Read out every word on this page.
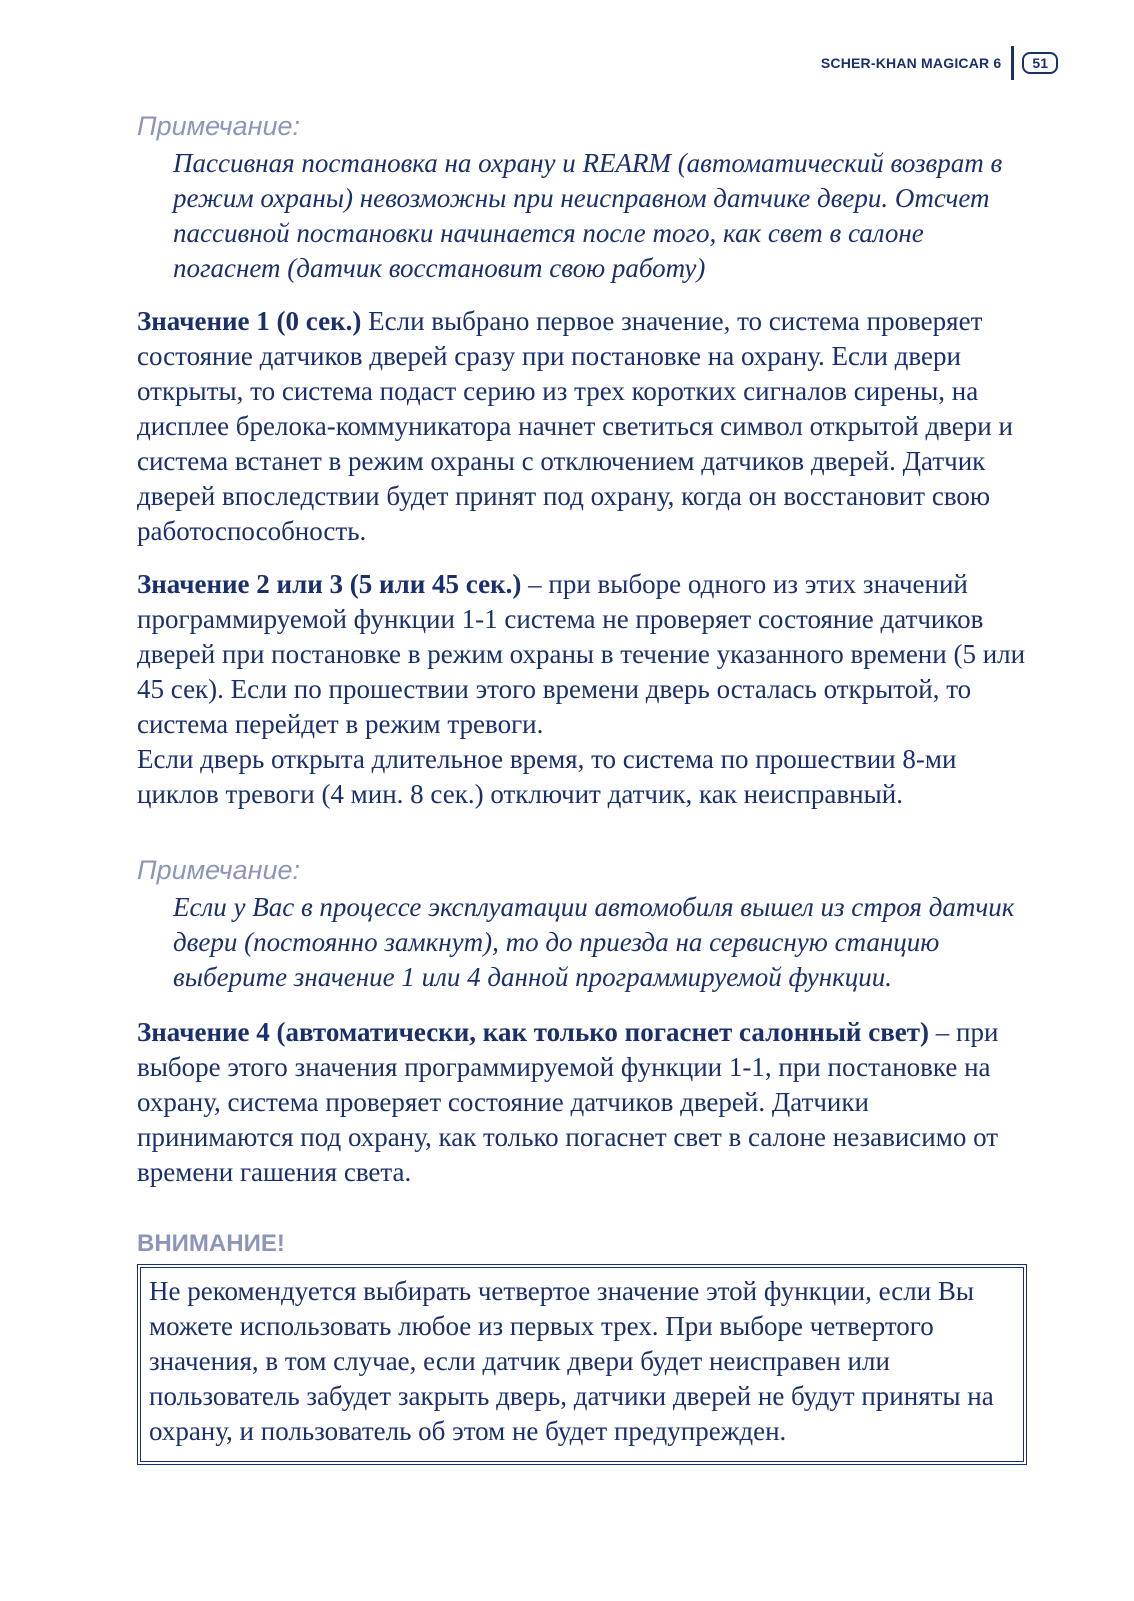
SCHER-KHAN MAGICAR 6	51
Примечание:
Пассивная постановка на охрану и REARM (автоматический возврат в режим охраны) невозможны при неисправном датчике двери. Отсчет пассивной постановки начинается после того, как свет в салоне погаснет (датчик восстановит свою работу)
Значение 1 (0 сек.) Если выбрано первое значение, то система проверяет состояние датчиков дверей сразу при постановке на охрану. Если двери открыты, то система подаст серию из трех коротких сигналов сирены, на дисплее брелока-коммуникатора начнет светиться символ открытой двери и система встанет в режим охраны с отключением датчиков дверей. Датчик дверей впоследствии будет принят под охрану, когда он восстановит свою работоспособность.
Значение 2 или 3 (5 или 45 сек.) – при выборе одного из этих значений программируемой функции 1-1 система не проверяет состояние датчиков дверей при постановке в режим охраны в течение указанного времени (5 или 45 сек). Если по прошествии этого времени дверь осталась открытой, то система перейдет в режим тревоги.
Если дверь открыта длительное время, то система по прошествии 8-ми циклов тревоги (4 мин. 8 сек.) отключит датчик, как неисправный.
Примечание:
Если у Вас в процессе эксплуатации автомобиля вышел из строя датчик двери (постоянно замкнут), то до приезда на сервисную станцию выберите значение 1 или 4 данной программируемой функции.
Значение 4 (автоматически, как только погаснет салонный свет) – при выборе этого значения программируемой функции 1-1, при постановке на охрану, система проверяет состояние датчиков дверей. Датчики принимаются под охрану, как только погаснет свет в салоне независимо от времени гашения света.
ВНИМАНИЕ!
Не рекомендуется выбирать четвертое значение этой функции, если Вы можете использовать любое из первых трех. При выборе четвертого значения, в том случае, если датчик двери будет неисправен или пользователь забудет закрыть дверь, датчики дверей не будут приняты на охрану, и пользователь об этом не будет предупрежден.
